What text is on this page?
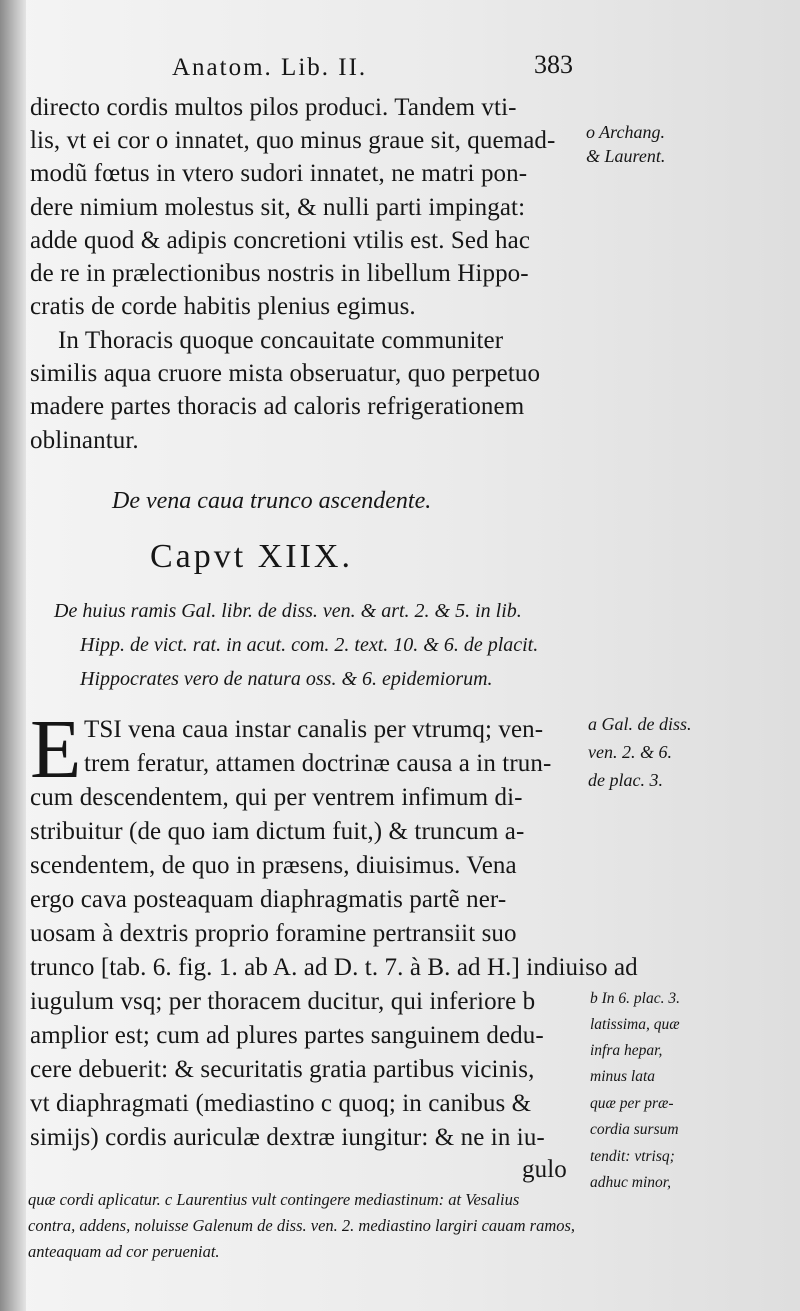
Anatom. Lib. II.	383
directo cordis multos pilos produci. Tandem vti-
lis, vt ei cor o innatet, quo minus graue sit, quemad-
modũ fœtus in vtero sudori innatet, ne matri pon-
dere nimium molestus sit, & nulli parti impingat:
adde quod & adipis concretioni vtilis est. Sed hac
de re in prælectionibus nostris in libellum Hippo-
cratis de corde habitis plenius egimus.
In Thoracis quoque concauitate communiter
similis aqua cruore mista obseruatur, quo perpetuo
madere partes thoracis ad caloris refrigerationem
oblinantur.
o Archang.
& Laurent.
De vena caua trunco ascendente.
Capvt XIIX.
De huius ramis Gal. libr. de diss. ven. & art. 2. & 5. in lib.
Hipp. de vict. rat. in acut. com. 2. text. 10. & 6. de placit.
Hippocrates vero de natura oss. & 6. epidemiorum.
E TSI vena caua instar canalis per vtrumq; ven-
trem feratur, attamen doctrinæ causa a in trun-
cum descendentem, qui per ventrem infimum di-
stribuitur (de quo iam dictum fuit,) & truncum a-
scendentem, de quo in præsens, diuisimus. Vena
ergo cava posteaquam diaphragmatis partẽ ner-
uosam à dextris proprio foramine pertransiit suo
trunco [tab. 6. fig. 1. ab A. ad D. t. 7. à B. ad H.] indiuiso ad
iugulum vsq; per thoracem ducitur, qui inferiore b
amplior est; cum ad plures partes sanguinem dedu-
cere debuerit: & securitatis gratia partibus vicinis,
vt diaphragmati (mediastino c quoq; in canibus &
simijs) cordis auriculæ dextræ iungitur: & ne in iu-
gulo
a Gal. de diss.
ven. 2. & 6.
de plac. 3.
b In 6. plac. 3.
latissima, quæ
infra hepar,
minus lata
quæ per præ-
cordia sursum
tendit: vtrisq;
adhuc minor,
quæ cordi aplicatur. c Laurentius vult contingere mediastinum: at Vesalius
contra, addens, noluisse Galenum de diss. ven. 2. mediastino largiri cauam ramos,
anteaquam ad cor perueniat.
